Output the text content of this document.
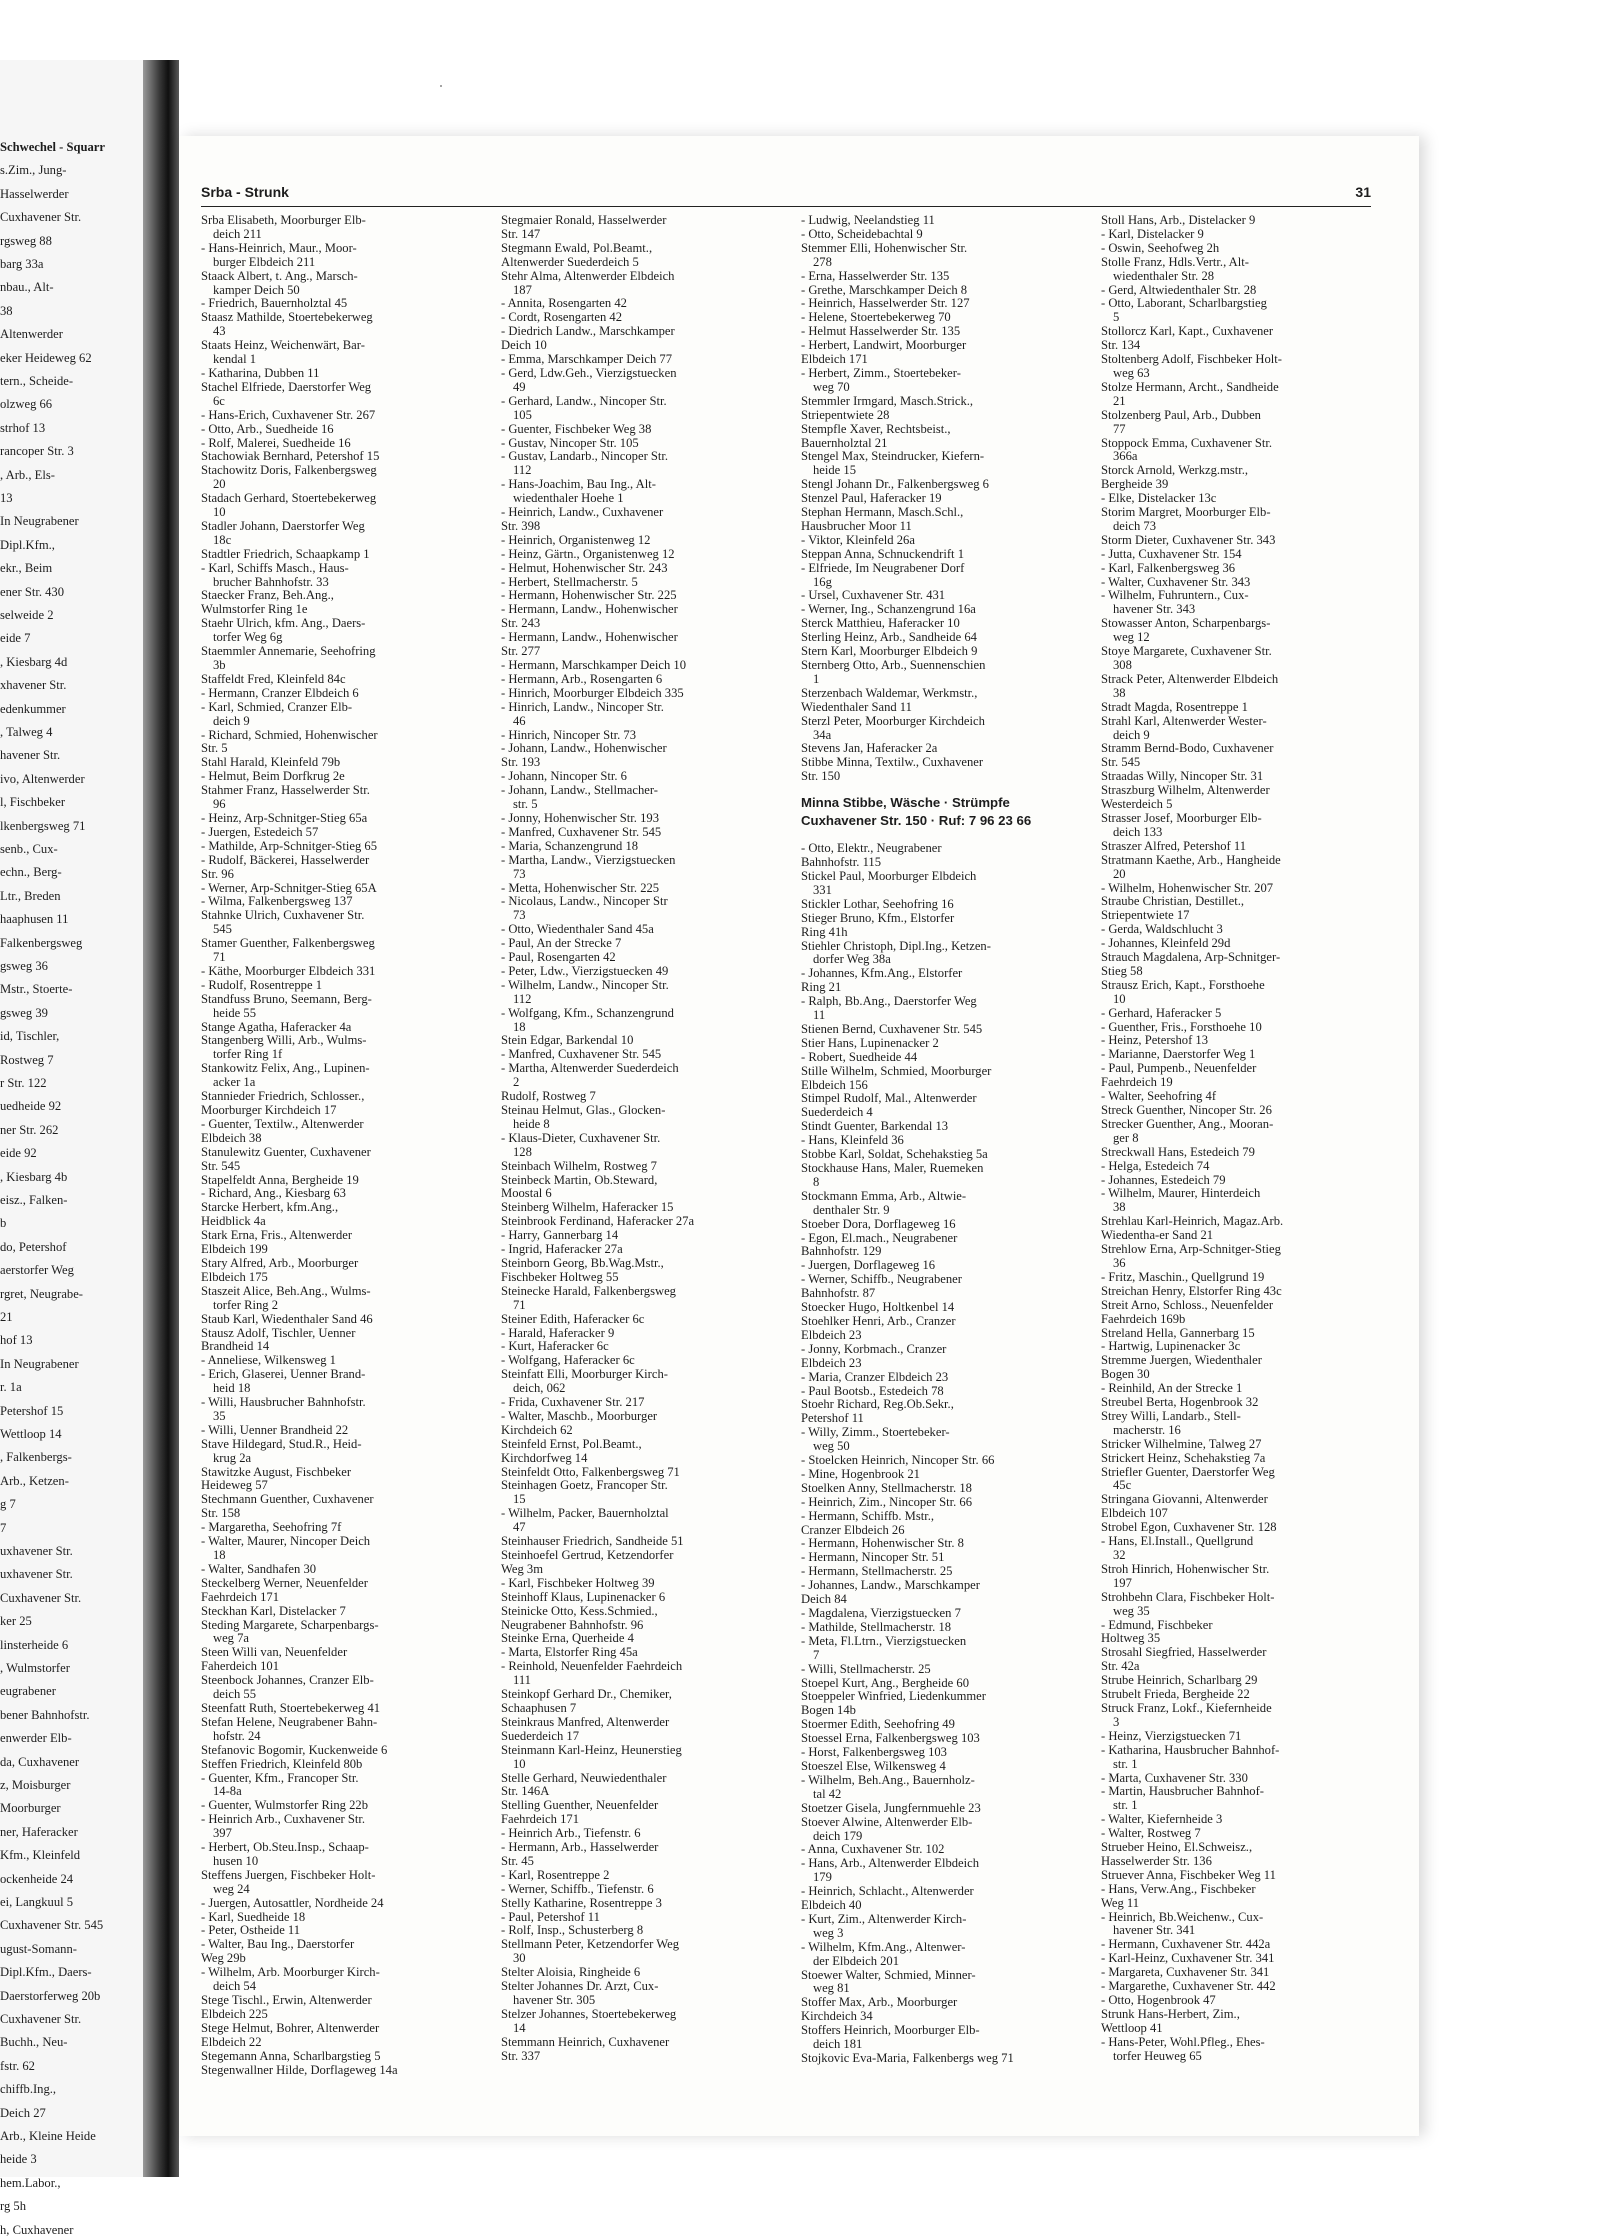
Schwechel - Squarr
s.Zim., Jung-
Hasselwerder
Cuxhavener Str.
rgsweg 88
barg 33a
nbau., Alt-
38
Altenwerder
eker Heideweg 62
tern., Scheide-
olzweg 66
strhof 13
rancoper Str. 3
, Arb., Els-
13
In Neugrabener
Dipl.Kfm.,
ekr., Beim
ener Str. 430
selweide 2
eide 7
, Kiesbarg 4d
xhavener Str.
edenkummer
, Talweg 4
havener Str.
ivo, Altenwerder
l, Fischbeker
lkenbergsweg 71
senb., Cux-
echn., Berg-
Ltr., Breden
haaphusen 11
Falkenbergsweg
gsweg 36
Mstr., Stoerte-
gsweg 39
id, Tischler,
Rostweg 7
r Str. 122
uedheide 92
ner Str. 262
eide 92
, Kiesbarg 4b
eisz., Falken-
b
do, Petershof
aerstorfer Weg
rgret, Neugrabe-
21
hof 13
In Neugrabener
r. 1a
Petershof 15
Wettloop 14
, Falkenbergs-
Arb., Ketzen-
g 7
7
uxhavener Str.
uxhavener Str.
Cuxhavener Str.
ker 25
linsterheide 6
, Wulmstorfer
eugrabener
bener Bahnhofstr.
enwerder Elb-
da, Cuxhavener
z, Moisburger
Moorburger
ner, Haferacker
Kfm., Kleinfeld
ockenheide 24
ei, Langkuul 5
Cuxhavener Str. 545
ugust-Somann-
Dipl.Kfm., Daers-
Daerstorferweg 20b
Cuxhavener Str.
Buchh., Neu-
fstr. 62
chiffb.Ing.,
Deich 27
Arb., Kleine Heide
heide 3
hem.Labor.,
rg 5h
h, Cuxhavener
Srba - Strunk	31
Srba Elisabeth, Moorburger Elb-
deich 211
- Hans-Heinrich, Maur., Moor-
burger Elbdeich 211
Staack Albert, t. Ang., Marsch-
kamper Deich 50
- Friedrich, Bauernholztal 45
Staasz Mathilde, Stoertebekerweg
43
Staats Heinz, Weichenwärt, Bar-
kendal 1
- Katharina, Dubben 11
Stachel Elfriede, Daerstorfer Weg
6c
- Hans-Erich, Cuxhavener Str. 267
- Otto, Arb., Suedheide 16
- Rolf, Malerei, Suedheide 16
Stachowiak Bernhard, Petershof 15
Stachowitz Doris, Falkenbergsweg
20
Stadach Gerhard, Stoertebekerweg
10
Stadler Johann, Daerstorfer Weg
18c
Stadtler Friedrich, Schaapkamp 1
- Karl, Schiffs Masch., Haus-
brucher Bahnhofstr. 33
Staecker Franz, Beh.Ang.,
Wulmstorfer Ring 1e
Staehr Ulrich, kfm. Ang., Daers-
torfer Weg 6g
Staemmler Annemarie, Seehofring
3b
Staffeldt Fred, Kleinfeld 84c
- Hermann, Cranzer Elbdeich 6
- Karl, Schmied, Cranzer Elb-
deich 9
- Richard, Schmied, Hohenwischer
Str. 5
Stahl Harald, Kleinfeld 79b
- Helmut, Beim Dorfkrug 2e
Stahmer Franz, Hasselwerder Str.
96
- Heinz, Arp-Schnitger-Stieg 65a
- Juergen, Estedeich 57
- Mathilde, Arp-Schnitger-Stieg 65
- Rudolf, Bäckerei, Hasselwerder
Str. 96
- Werner, Arp-Schnitger-Stieg 65A
- Wilma, Falkenbergsweg 137
Stahnke Ulrich, Cuxhavener Str.
545
Stamer Guenther, Falkenbergsweg
71
- Käthe, Moorburger Elbdeich 331
- Rudolf, Rosentreppe 1
Standfuss Bruno, Seemann, Berg-
heide 55
Stange Agatha, Haferacker 4a
Stangenberg Willi, Arb., Wulms-
torfer Ring 1f
Stankowitz Felix, Ang., Lupinen-
acker 1a
Stannieder Friedrich, Schlosser.,
Moorburger Kirchdeich 17
- Guenter, Textilw., Altenwerder
Elbdeich 38
Stanulewitz Guenter, Cuxhavener
Str. 545
Stapelfeldt Anna, Bergheide 19
- Richard, Ang., Kiesbarg 63
Starcke Herbert, kfm.Ang.,
Heidblick 4a
Stark Erna, Fris., Altenwerder
Elbdeich 199
Stary Alfred, Arb., Moorburger
Elbdeich 175
Staszeit Alice, Beh.Ang., Wulms-
torfer Ring 2
Staub Karl, Wiedenthaler Sand 46
Stausz Adolf, Tischler, Uenner
Brandheid 14
- Anneliese, Wilkensweg 1
- Erich, Glaserei, Uenner Brand-
heid 18
- Willi, Hausbrucher Bahnhofstr.
35
- Willi, Uenner Brandheid 22
Stave Hildegard, Stud.R., Heid-
krug 2a
Stawitzke August, Fischbeker
Heideweg 57
Stechmann Guenther, Cuxhavener
Str. 158
- Margaretha, Seehofring 7f
- Walter, Maurer, Nincoper Deich
18
- Walter, Sandhafen 30
Steckelberg Werner, Neuenfelder
Faehrdeich 171
Steckhan Karl, Distelacker 7
Steding Margarete, Scharpenbargs-
weg 7a
Steen Willi van, Neuenfelder
Faherdeich 101
Steenbock Johannes, Cranzer Elb-
deich 55
Steenfatt Ruth, Stoertebekerweg 41
Stefan Helene, Neugrabener Bahn-
hofstr. 24
Stefanovic Bogomir, Kuckenweide 6
Steffen Friedrich, Kleinfeld 80b
- Guenter, Kfm., Francoper Str.
14-8a
- Guenter, Wulmstorfer Ring 22b
- Heinrich Arb., Cuxhavener Str.
397
- Herbert, Ob.Steu.Insp., Schaap-
husen 10
Steffens Juergen, Fischbeker Holt-
weg 24
- Juergen, Autosattler, Nordheide 24
- Karl, Suedheide 18
- Peter, Ostheide 11
- Walter, Bau Ing., Daerstorfer
Weg 29b
- Wilhelm, Arb. Moorburger Kirch-
deich 54
Stege Tischl., Erwin, Altenwerder
Elbdeich 225
Stege Helmut, Bohrer, Altenwerder
Elbdeich 22
Stegemann Anna, Scharlbargstieg 5
Stegenwallner Hilde, Dorflageweg 14a
Stegmaier Ronald, Hasselwerder
Str. 147
Stegmann Ewald, Pol.Beamt.,
Altenwerder Suederdeich 5
Stehr Alma, Altenwerder Elbdeich
187
- Annita, Rosengarten 42
- Cordt, Rosengarten 42
- Diedrich Landw., Marschkamper
Deich 10
- Emma, Marschkamper Deich 77
- Gerd, Ldw.Geh., Vierzigstuecken
49
- Gerhard, Landw., Nincoper Str.
105
- Guenter, Fischbeker Weg 38
- Gustav, Nincoper Str. 105
- Gustav, Landarb., Nincoper Str.
112
- Hans-Joachim, Bau Ing., Alt-
wiedenthaler Hoehe 1
- Heinrich, Landw., Cuxhavener
Str. 398
- Heinrich, Organistenweg 12
- Heinz, Gärtn., Organistenweg 12
- Helmut, Hohenwischer Str. 243
- Herbert, Stellmacherstr. 5
- Hermann, Hohenwischer Str. 225
- Hermann, Landw., Hohenwischer
Str. 243
- Hermann, Landw., Hohenwischer
Str. 277
- Hermann, Marschkamper Deich 10
- Hermann, Arb., Rosengarten 6
- Hinrich, Moorburger Elbdeich 335
- Hinrich, Landw., Nincoper Str.
46
- Hinrich, Nincoper Str. 73
- Johann, Landw., Hohenwischer
Str. 193
- Johann, Nincoper Str. 6
- Johann, Landw., Stellmacher-
str. 5
- Jonny, Hohenwischer Str. 193
- Manfred, Cuxhavener Str. 545
- Maria, Schanzengrund 18
- Martha, Landw., Vierzigstuecken
73
- Metta, Hohenwischer Str. 225
- Nicolaus, Landw., Nincoper Str
73
- Otto, Wiedenthaler Sand 45a
- Paul, An der Strecke 7
- Paul, Rosengarten 42
- Peter, Ldw., Vierzigstuecken 49
- Wilhelm, Landw., Nincoper Str.
112
- Wolfgang, Kfm., Schanzengrund
18
Stein Edgar, Barkendal 10
- Manfred, Cuxhavener Str. 545
- Martha, Altenwerder Suederdeich
2
Rudolf, Rostweg 7
Steinau Helmut, Glas., Glocken-
heide 8
- Klaus-Dieter, Cuxhavener Str.
128
Steinbach Wilhelm, Rostweg 7
Steinbeck Martin, Ob.Steward,
Moostal 6
Steinberg Wilhelm, Haferacker 15
Steinbrook Ferdinand, Haferacker 27a
- Harry, Gannerbarg 14
- Ingrid, Haferacker 27a
Steinborn Georg, Bb.Wag.Mstr.,
Fischbeker Holtweg 55
Steinecke Harald, Falkenbergsweg
71
Steiner Edith, Haferacker 6c
- Harald, Haferacker 9
- Kurt, Haferacker 6c
- Wolfgang, Haferacker 6c
Steinfatt Elli, Moorburger Kirch-
deich, 062
- Frida, Cuxhavener Str. 217
- Walter, Maschb., Moorburger
Kirchdeich 62
Steinfeld Ernst, Pol.Beamt.,
Kirchdorfweg 14
Steinfeldt Otto, Falkenbergsweg 71
Steinhagen Goetz, Francoper Str.
15
- Wilhelm, Packer, Bauernholztal
47
Steinhauser Friedrich, Sandheide 51
Steinhoefel Gertrud, Ketzendorfer
Weg 3m
- Karl, Fischbeker Holtweg 39
Steinhoff Klaus, Lupinenacker 6
Steinicke Otto, Kess.Schmied.,
Neugrabener Bahnhofstr. 96
Steinke Erna, Querheide 4
- Marta, Elstorfer Ring 45a
- Reinhold, Neuenfelder Faehrdeich
111
Steinkopf Gerhard Dr., Chemiker,
Schaaphusen 7
Steinkraus Manfred, Altenwerder
Suederdeich 17
Steinmann Karl-Heinz, Heunerstieg
10
Stelle Gerhard, Neuwiedenthaler
Str. 146A
Stelling Guenther, Neuenfelder
Faehrdeich 171
- Heinrich Arb., Tiefenstr. 6
- Hermann, Arb., Hasselwerder
Str. 45
- Karl, Rosentreppe 2
- Werner, Schiffb., Tiefenstr. 6
Stelly Katharine, Rosentreppe 3
- Paul, Petershof 11
- Rolf, Insp., Schusterberg 8
Stellmann Peter, Ketzendorfer Weg
30
Stelter Aloisia, Ringheide 6
Stelter Johannes Dr. Arzt, Cux-
havener Str. 305
Stelzer Johannes, Stoertebekerweg
14
Stemmann Heinrich, Cuxhavener
Str. 337
- Ludwig, Neelandstieg 11
- Otto, Scheidebachtal 9
Stemmer Elli, Hohenwischer Str.
278
- Erna, Hasselwerder Str. 135
- Grethe, Marschkamper Deich 8
- Heinrich, Hasselwerder Str. 127
- Helene, Stoertebekerweg 70
- Helmut Hasselwerder Str. 135
- Herbert, Landwirt, Moorburger
Elbdeich 171
- Herbert, Zimm., Stoertebeker-
weg 70
Stemmler Irmgard, Masch.Strick.,
Striepentwiete 28
Stempfle Xaver, Rechtsbeist.,
Bauernholztal 21
Stengel Max, Steindrucker, Kiefern-
heide 15
Stengl Johann Dr., Falkenbergsweg 6
Stenzel Paul, Haferacker 19
Stephan Hermann, Masch.Schl.,
Hausbrucher Moor 11
- Viktor, Kleinfeld 26a
Steppan Anna, Schnuckendrift 1
- Elfriede, Im Neugrabener Dorf
16g
- Ursel, Cuxhavener Str. 431
- Werner, Ing., Schanzengrund 16a
Sterck Matthieu, Haferacker 10
Sterling Heinz, Arb., Sandheide 64
Stern Karl, Moorburger Elbdeich 9
Sternberg Otto, Arb., Suennenschien
1
Sterzenbach Waldemar, Werkmstr.,
Wiedenthaler Sand 11
Sterzl Peter, Moorburger Kirchdeich
34a
Stevens Jan, Haferacker 2a
Stibbe Minna, Textilw., Cuxhavener
Str. 150
Minna Stibbe, Wäsche · Strümpfe
Cuxhavener Str. 150 · Ruf: 7 96 23 66
- Otto, Elektr., Neugrabener
Bahnhofstr. 115
Stickel Paul, Moorburger Elbdeich
331
Stickler Lothar, Seehofring 16
Stieger Bruno, Kfm., Elstorfer
Ring 41h
Stiehler Christoph, Dipl.Ing., Ketzen-
dorfer Weg 38a
- Johannes, Kfm.Ang., Elstorfer
Ring 21
- Ralph, Bb.Ang., Daerstorfer Weg
11
Stienen Bernd, Cuxhavener Str. 545
Stier Hans, Lupinenacker 2
- Robert, Suedheide 44
Stille Wilhelm, Schmied, Moorburger
Elbdeich 156
Stimpel Rudolf, Mal., Altenwerder
Suederdeich 4
Stindt Guenter, Barkendal 13
- Hans, Kleinfeld 36
Stobbe Karl, Soldat, Schehakstieg 5a
Stockhause Hans, Maler, Ruemeken
8
Stockmann Emma, Arb., Altwie-
denthaler Str. 9
Stoeber Dora, Dorflageweg 16
- Egon, El.mach., Neugrabener
Bahnhofstr. 129
- Juergen, Dorflageweg 16
- Werner, Schiffb., Neugrabener
Bahnhofstr. 87
Stoecker Hugo, Holtkenbel 14
Stoehlker Henri, Arb., Cranzer
Elbdeich 23
- Jonny, Korbmach., Cranzer
Elbdeich 23
- Maria, Cranzer Elbdeich 23
- Paul Bootsb., Estedeich 78
Stoehr Richard, Reg.Ob.Sekr.,
Petershof 11
- Willy, Zimm., Stoertebeker-
weg 50
- Stoelcken Heinrich, Nincoper Str. 66
- Mine, Hogenbrook 21
Stoelken Anny, Stellmacherstr. 18
- Heinrich, Zim., Nincoper Str. 66
- Hermann, Schiffb. Mstr.,
Cranzer Elbdeich 26
- Hermann, Hohenwischer Str. 8
- Hermann, Nincoper Str. 51
- Hermann, Stellmacherstr. 25
- Johannes, Landw., Marschkamper
Deich 84
- Magdalena, Vierzigstuecken 7
- Mathilde, Stellmacherstr. 18
- Meta, Fl.Ltrn., Vierzigstuecken
7
- Willi, Stellmacherstr. 25
Stoepel Kurt, Ang., Bergheide 60
Stoeppeler Winfried, Liedenkummer
Bogen 14b
Stoermer Edith, Seehofring 49
Stoessel Erna, Falkenbergsweg 103
- Horst, Falkenbergsweg 103
Stoeszel Else, Wilkensweg 4
- Wilhelm, Beh.Ang., Bauernholz-
tal 42
Stoetzer Gisela, Jungfernmuehle 23
Stoever Alwine, Altenwerder Elb-
deich 179
- Anna, Cuxhavener Str. 102
- Hans, Arb., Altenwerder Elbdeich
179
- Heinrich, Schlacht., Altenwerder
Elbdeich 40
- Kurt, Zim., Altenwerder Kirch-
weg 3
- Wilhelm, Kfm.Ang., Altenwer-
der Elbdeich 201
Stoewer Walter, Schmied, Minner-
weg 81
Stoffer Max, Arb., Moorburger
Kirchdeich 34
Stoffers Heinrich, Moorburger Elb-
deich 181
Stojkovic Eva-Maria, Falkenbergs weg 71
Stoll Hans, Arb., Distelacker 9
- Karl, Distelacker 9
- Oswin, Seehofweg 2h
Stolle Franz, Hdls.Vertr., Alt-
wiedenthaler Str. 28
- Gerd, Altwiedenthaler Str. 28
- Otto, Laborant, Scharlbargstieg
5
Stollorcz Karl, Kapt., Cuxhavener
Str. 134
Stoltenberg Adolf, Fischbeker Holt-
weg 63
Stolze Hermann, Archt., Sandheide
21
Stolzenberg Paul, Arb., Dubben
77
Stoppock Emma, Cuxhavener Str.
366a
Storck Arnold, Werkzg.mstr.,
Bergheide 39
- Elke, Distelacker 13c
Storim Margret, Moorburger Elb-
deich 73
Storm Dieter, Cuxhavener Str. 343
- Jutta, Cuxhavener Str. 154
- Karl, Falkenbergsweg 36
- Walter, Cuxhavener Str. 343
- Wilhelm, Fuhruntern., Cux-
havener Str. 343
Stowasser Anton, Scharpenbargs-
weg 12
Stoye Margarete, Cuxhavener Str.
308
Strack Peter, Altenwerder Elbdeich
38
Stradt Magda, Rosentreppe 1
Strahl Karl, Altenwerder Wester-
deich 9
Stramm Bernd-Bodo, Cuxhavener
Str. 545
Straadas Willy, Nincoper Str. 31
Straszburg Wilhelm, Altenwerder
Westerdeich 5
Strasser Josef, Moorburger Elb-
deich 133
Straszer Alfred, Petershof 11
Stratmann Kaethe, Arb., Hangheide
20
- Wilhelm, Hohenwischer Str. 207
Straube Christian, Destillet.,
Striepentwiete 17
- Gerda, Waldschlucht 3
- Johannes, Kleinfeld 29d
Strauch Magdalena, Arp-Schnitger-
Stieg 58
Strausz Erich, Kapt., Forsthoehe
10
- Gerhard, Haferacker 5
- Guenther, Fris., Forsthoehe 10
- Heinz, Petershof 13
- Marianne, Daerstorfer Weg 1
- Paul, Pumpenb., Neuenfelder
Faehrdeich 19
- Walter, Seehofring 4f
Streck Guenther, Nincoper Str. 26
Strecker Guenther, Ang., Mooran-
ger 8
Streckwall Hans, Estedeich 79
- Helga, Estedeich 74
- Johannes, Estedeich 79
- Wilhelm, Maurer, Hinterdeich
38
Strehlau Karl-Heinrich, Magaz.Arb.
Wiedentha-er Sand 21
Strehlow Erna, Arp-Schnitger-Stieg
36
- Fritz, Maschin., Quellgrund 19
Streichan Henry, Elstorfer Ring 43c
Streit Arno, Schloss., Neuenfelder
Faehrdeich 169b
Streland Hella, Gannerbarg 15
- Hartwig, Lupinenacker 3c
Stremme Juergen, Wiedenthaler
Bogen 30
- Reinhild, An der Strecke 1
Streubel Berta, Hogenbrook 32
Strey Willi, Landarb., Stell-
macherstr. 16
Stricker Wilhelmine, Talweg 27
Strickert Heinz, Schehakstieg 7a
Striefler Guenter, Daerstorfer Weg
45c
Stringana Giovanni, Altenwerder
Elbdeich 107
Strobel Egon, Cuxhavener Str. 128
- Hans, El.Install., Quellgrund
32
Stroh Hinrich, Hohenwischer Str.
197
Strohbehn Clara, Fischbeker Holt-
weg 35
- Edmund, Fischbeker
Holtweg 35
Strosahl Siegfried, Hasselwerder
Str. 42a
Strube Heinrich, Scharlbarg 29
Strubelt Frieda, Bergheide 22
Struck Franz, Lokf., Kiefernheide
3
- Heinz, Vierzigstuecken 71
- Katharina, Hausbrucher Bahnhof-
str. 1
- Marta, Cuxhavener Str. 330
- Martin, Hausbrucher Bahnhof-
str. 1
- Walter, Kiefernheide 3
- Walter, Rostweg 7
Strueber Heino, El.Schweisz.,
Hasselwerder Str. 136
Struever Anna, Fischbeker Weg 11
- Hans, Verw.Ang., Fischbeker
Weg 11
- Heinrich, Bb.Weichenw., Cux-
havener Str. 341
- Hermann, Cuxhavener Str. 442a
- Karl-Heinz, Cuxhavener Str. 341
- Margareta, Cuxhavener Str. 341
- Margarethe, Cuxhavener Str. 442
- Otto, Hogenbrook 47
Strunk Hans-Herbert, Zim.,
Wettloop 41
- Hans-Peter, Wohl.Pfleg., Ehes-
torfer Heuweg 65
